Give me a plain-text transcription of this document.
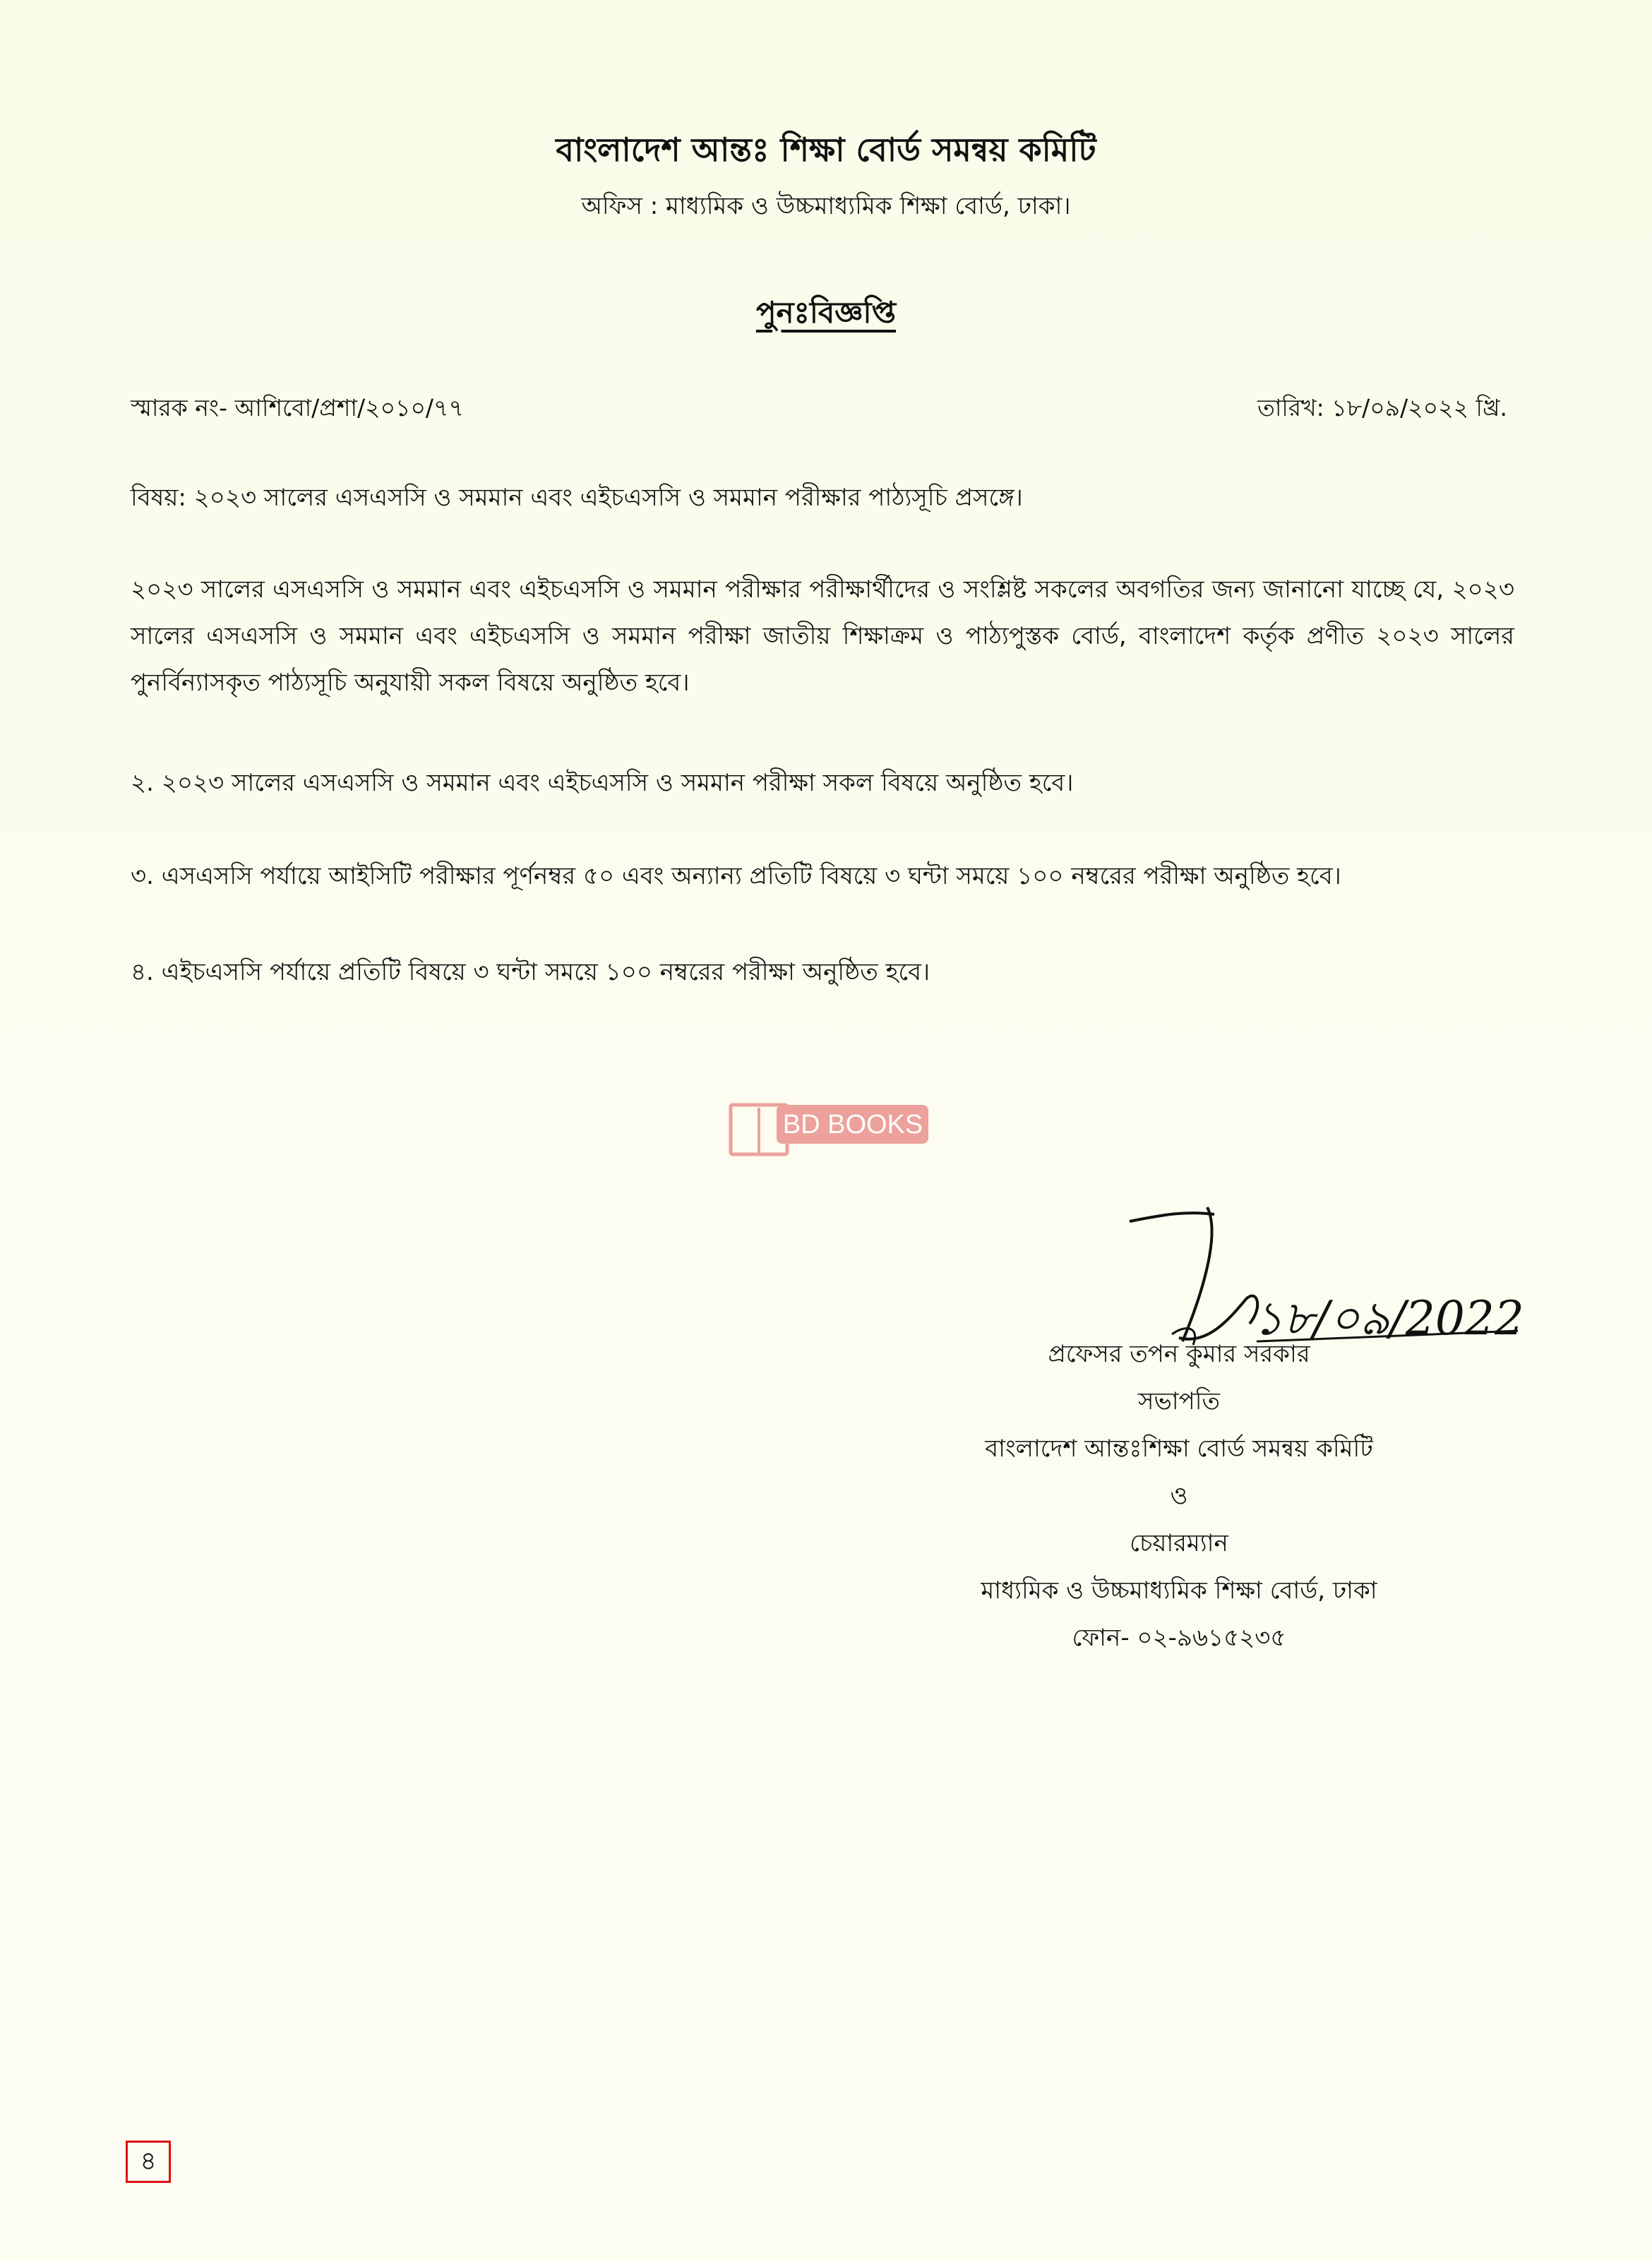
বাংলাদেশ আন্তঃ শিক্ষা বোর্ড সমন্বয় কমিটি
অফিস : মাধ্যমিক ও উচ্চমাধ্যমিক শিক্ষা বোর্ড, ঢাকা।
পুনঃবিজ্ঞপ্তি
স্মারক নং- আশিবো/প্রশা/২০১০/৭৭	তারিখ: ১৮/০৯/২০২২ খ্রি.
বিষয়: ২০২৩ সালের এসএসসি ও সমমান এবং এইচএসসি ও সমমান পরীক্ষার পাঠ্যসূচি প্রসঙ্গে।
২০২৩ সালের এসএসসি ও সমমান এবং এইচএসসি ও সমমান পরীক্ষার পরীক্ষার্থীদের ও সংশ্লিষ্ট সকলের অবগতির জন্য জানানো যাচ্ছে যে, ২০২৩ সালের এসএসসি ও সমমান এবং এইচএসসি ও সমমান পরীক্ষা জাতীয় শিক্ষাক্রম ও পাঠ্যপুস্তক বোর্ড, বাংলাদেশ কর্তৃক প্রণীত ২০২৩ সালের পুনর্বিন্যাসকৃত পাঠ্যসূচি অনুযায়ী সকল বিষয়ে অনুষ্ঠিত হবে।
২. ২০২৩ সালের এসএসসি ও সমমান এবং এইচএসসি ও সমমান পরীক্ষা সকল বিষয়ে অনুষ্ঠিত হবে।
৩. এসএসসি পর্যায়ে আইসিটি পরীক্ষার পূর্ণনম্বর ৫০ এবং অন্যান্য প্রতিটি বিষয়ে ৩ ঘন্টা সময়ে ১০০ নম্বরের পরীক্ষা অনুষ্ঠিত হবে।
৪. এইচএসসি পর্যায়ে প্রতিটি বিষয়ে ৩ ঘন্টা সময়ে ১০০ নম্বরের পরীক্ষা অনুষ্ঠিত হবে।
BD BOOKS
১৮/০৯/2022
প্রফেসর তপন কুমার সরকার
সভাপতি
বাংলাদেশ আন্তঃশিক্ষা বোর্ড সমন্বয় কমিটি
ও
চেয়ারম্যান
মাধ্যমিক ও উচ্চমাধ্যমিক শিক্ষা বোর্ড, ঢাকা
ফোন- ০২-৯৬১৫২৩৫
৪
